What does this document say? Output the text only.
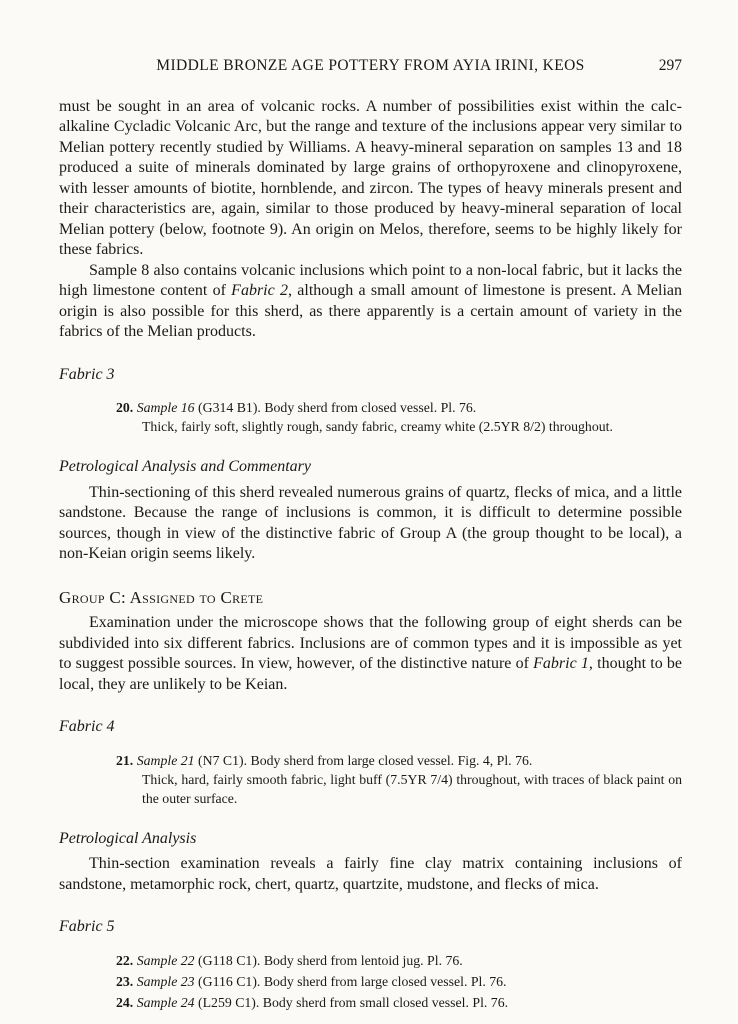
MIDDLE BRONZE AGE POTTERY FROM AYIA IRINI, KEOS	297

must be sought in an area of volcanic rocks. A number of possibilities exist within the calc-alkaline Cycladic Volcanic Arc, but the range and texture of the inclusions appear very similar to Melian pottery recently studied by Williams. A heavy-mineral separation on samples 13 and 18 produced a suite of minerals dominated by large grains of orthopyroxene and clinopyroxene, with lesser amounts of biotite, hornblende, and zircon. The types of heavy minerals present and their characteristics are, again, similar to those produced by heavy-mineral separation of local Melian pottery (below, footnote 9). An origin on Melos, therefore, seems to be highly likely for these fabrics.

Sample 8 also contains volcanic inclusions which point to a non-local fabric, but it lacks the high limestone content of Fabric 2, although a small amount of limestone is present. A Melian origin is also possible for this sherd, as there apparently is a certain amount of variety in the fabrics of the Melian products.

Fabric 3

20. Sample 16 (G314 B1). Body sherd from closed vessel. Pl. 76.

Thick, fairly soft, slightly rough, sandy fabric, creamy white (2.5YR 8/2) throughout.

Petrological Analysis and Commentary

Thin-sectioning of this sherd revealed numerous grains of quartz, flecks of mica, and a little sandstone. Because the range of inclusions is common, it is difficult to determine possible sources, though in view of the distinctive fabric of Group A (the group thought to be local), a non-Keian origin seems likely.

Group C: Assigned to Crete

Examination under the microscope shows that the following group of eight sherds can be subdivided into six different fabrics. Inclusions are of common types and it is impossible as yet to suggest possible sources. In view, however, of the distinctive nature of Fabric 1, thought to be local, they are unlikely to be Keian.

Fabric 4

21. Sample 21 (N7 C1). Body sherd from large closed vessel. Fig. 4, Pl. 76.

Thick, hard, fairly smooth fabric, light buff (7.5YR 7/4) throughout, with traces of black paint on the outer surface.

Petrological Analysis

Thin-section examination reveals a fairly fine clay matrix containing inclusions of sandstone, metamorphic rock, chert, quartz, quartzite, mudstone, and flecks of mica.

Fabric 5

22. Sample 22 (G118 C1). Body sherd from lentoid jug. Pl. 76.

23. Sample 23 (G116 C1). Body sherd from large closed vessel. Pl. 76.

24. Sample 24 (L259 C1). Body sherd from small closed vessel. Pl. 76.
